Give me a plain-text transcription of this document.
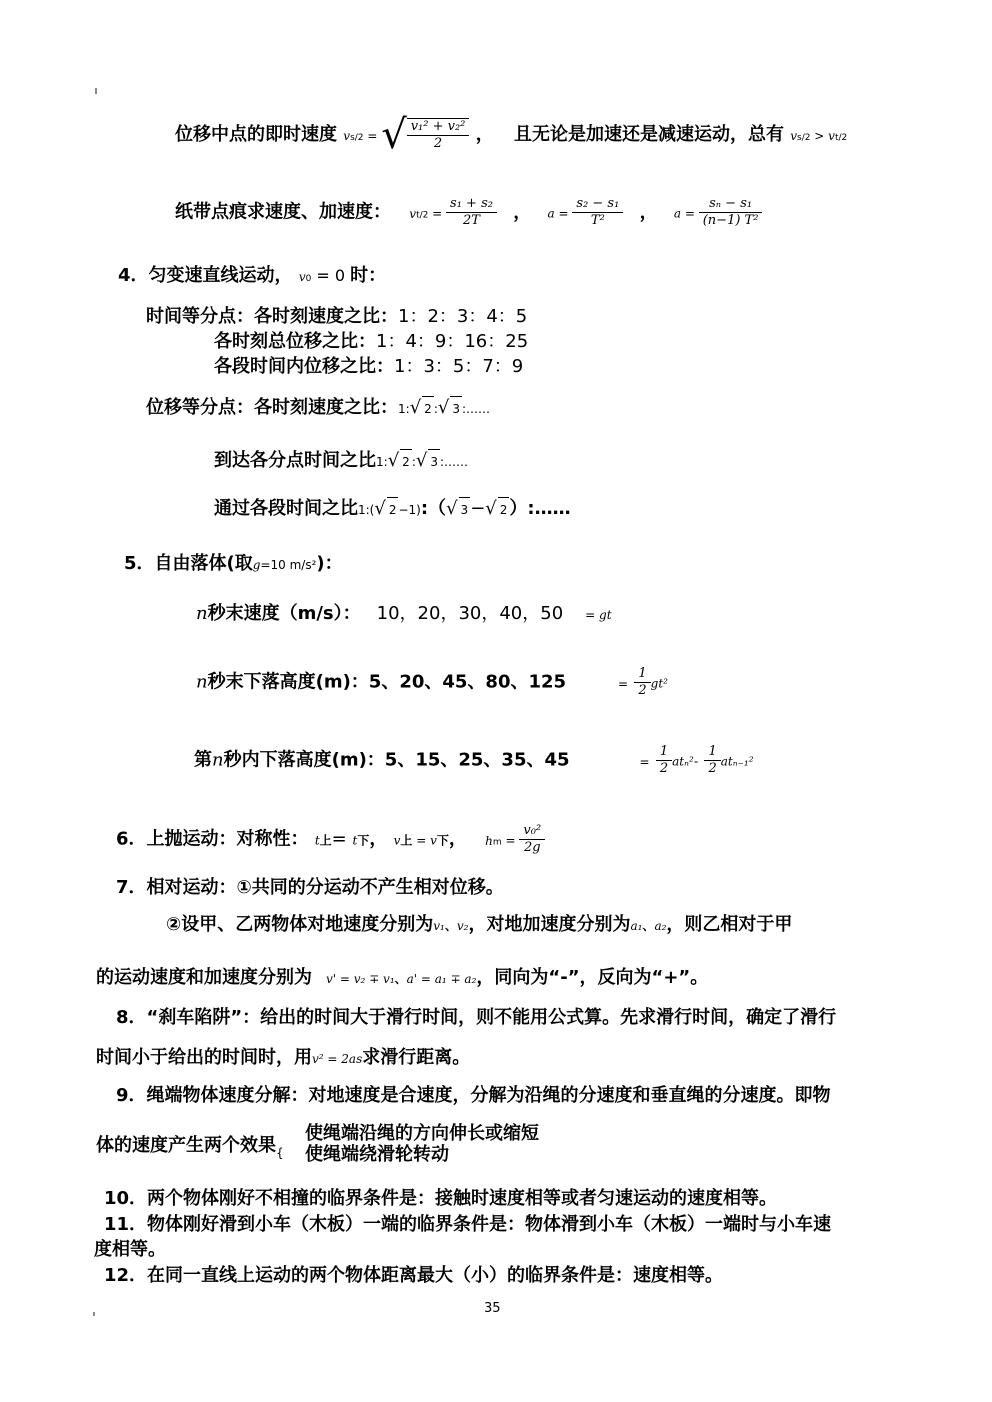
位移中点的即时速度 vs/2 = √ $\frac{\text{v₁² + v₂²}}{2}$ ， 且无论是加速还是减速运动，总有 vs/2 > vt/2
纸带点痕求速度、加速度： $vt/2 = \frac{\text{s₁ + s₂}}{2T}$ ， $a = \frac{\text{s₂ − s₁}}{\text{T²}}$ ， $a = \frac{\text{sₙ − s₁}}{\text{(n−1) T²}}$
4．匀变速直线运动， v0 = 0 时：
时间等分点：各时刻速度之比：1：2：3：4：5
各时刻总位移之比：1：4：9：16：25
各段时间内位移之比：1：3：5：7：9
位移等分点：各时刻速度之比：1:√ 2 :√ 3 :……
到达各分点时间之比1:√ 2 :√ 3 :……
通过各段时间之比1:(√ 2 −1):（√ 3 −√ 2 ）:……
5．自由落体(取g=10 m/s²)：
n秒末速度（m/s）： 10，20，30，40，50 = gt
n秒末下落高度(m)：5、20、45、80、125	= $\frac{1}{2} gt^2$
第n秒内下落高度(m)：5、15、25、35、45	= $\frac{1}{2} at_n^2- \frac{1}{2} at_{n-1}^2$
6．上抛运动：对称性： t上= t下， v上 = v下， hm = $\frac{\text{v₀²}}{2g}$
7．相对运动：①共同的分运动不产生相对位移。
②设甲、乙两物体对地速度分别为v₁、v₂，对地加速度分别为a₁、a₂，则乙相对于甲
的运动速度和加速度分别为 v' = v₂ ∓ v₁、a' = a₁ ∓ a₂，同向为“-”，反向为“+”。
8．“刹车陷阱”：给出的时间大于滑行时间，则不能用公式算。先求滑行时间，确定了滑行
时间小于给出的时间时，用v² = 2as求滑行距离。
9．绳端物体速度分解：对地速度是合速度，分解为沿绳的分速度和垂直绳的分速度。即物
体的速度产生两个效果$_{\{}$
使绳端沿绳的方向伸长或缩短
使绳端绕滑轮转动
10．两个物体刚好不相撞的临界条件是：接触时速度相等或者匀速运动的速度相等。
11．物体刚好滑到小车（木板）一端的临界条件是：物体滑到小车（木板）一端时与小车速
度相等。
12．在同一直线上运动的两个物体距离最大（小）的临界条件是：速度相等。
35
